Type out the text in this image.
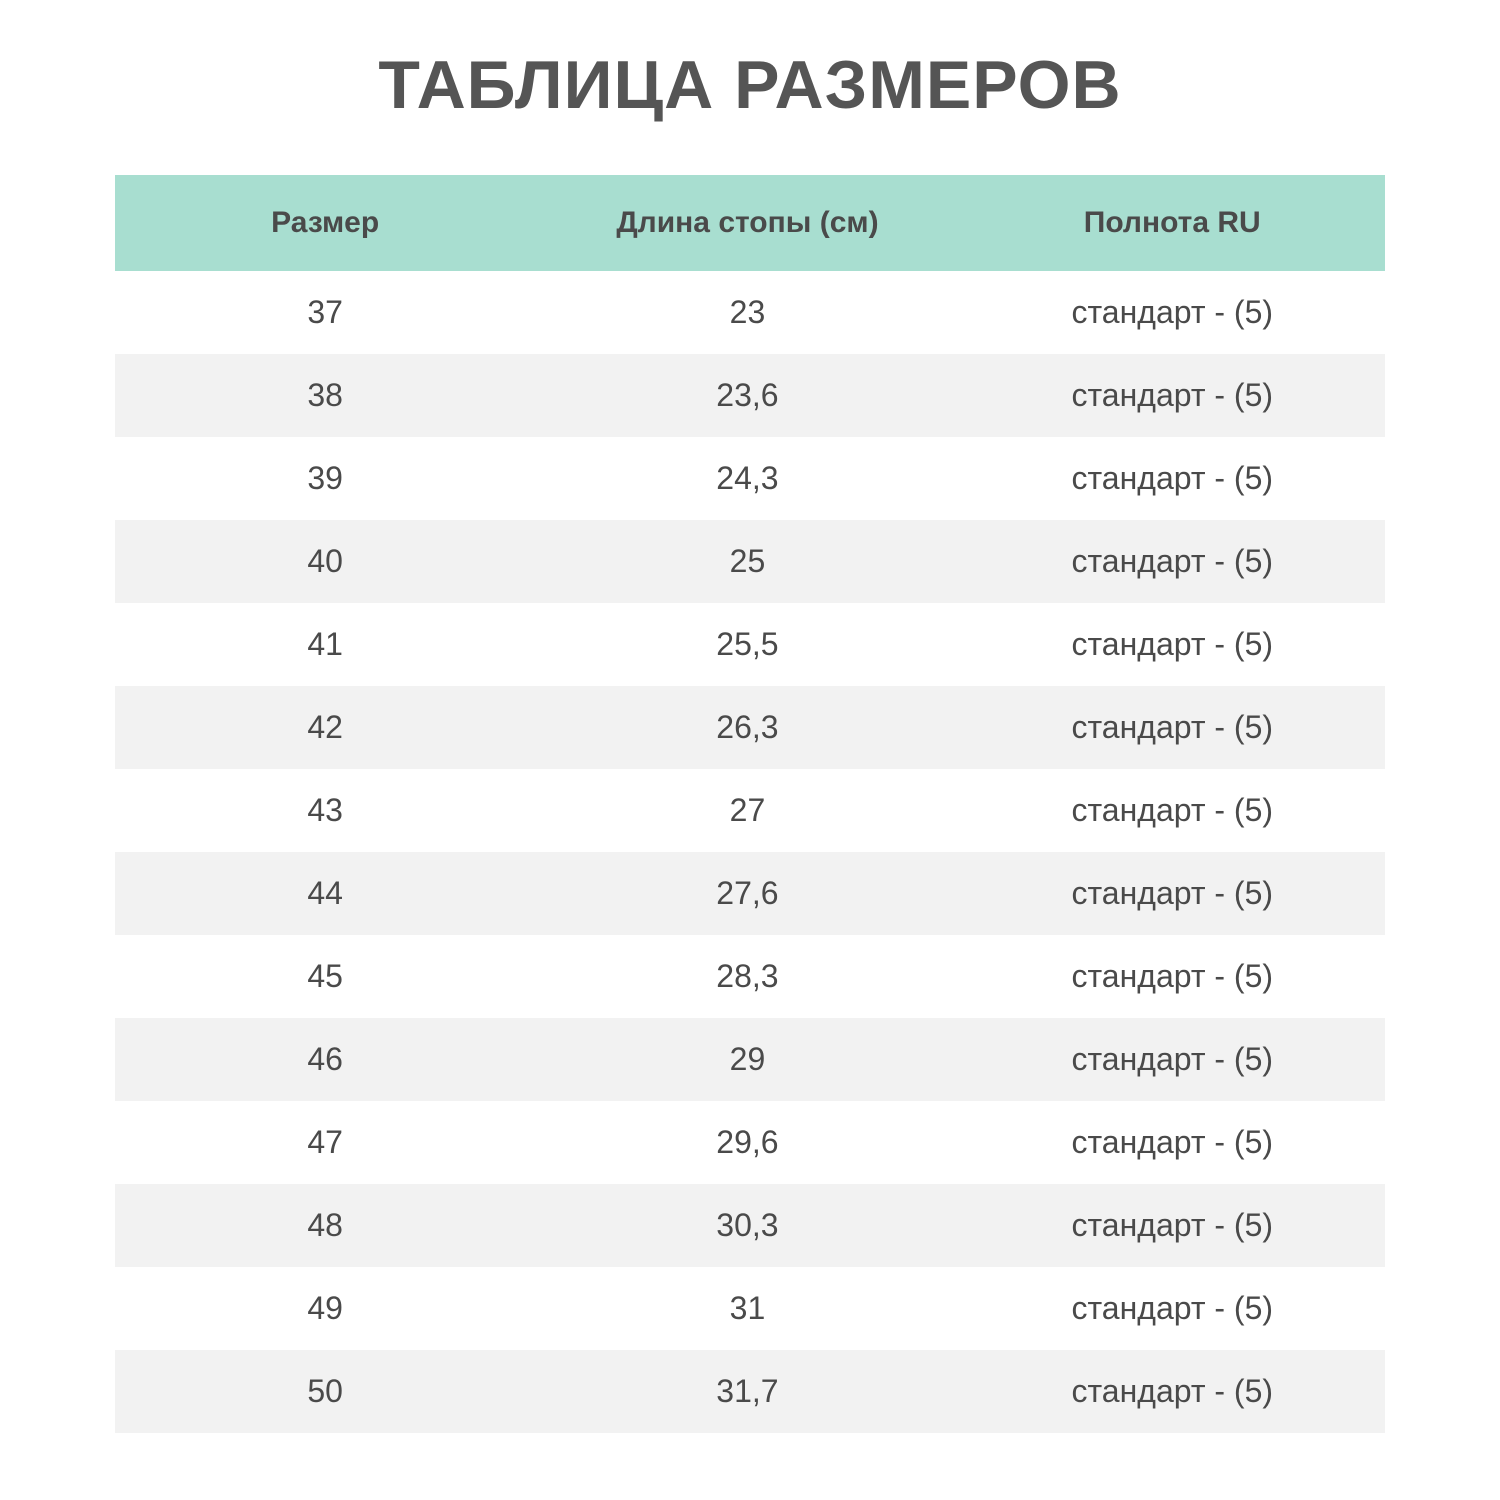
ТАБЛИЦА РАЗМЕРОВ
Размер	Длина стопы (см)	Полнота RU

37	23	стандарт - (5)

38	23,6	стандарт - (5)

39	24,3	стандарт - (5)

40	25	стандарт - (5)

41	25,5	стандарт - (5)

42	26,3	стандарт - (5)

43	27	стандарт - (5)

44	27,6	стандарт - (5)

45	28,3	стандарт - (5)

46	29	стандарт - (5)

47	29,6	стандарт - (5)

48	30,3	стандарт - (5)

49	31	стандарт - (5)

50	31,7	стандарт - (5)
